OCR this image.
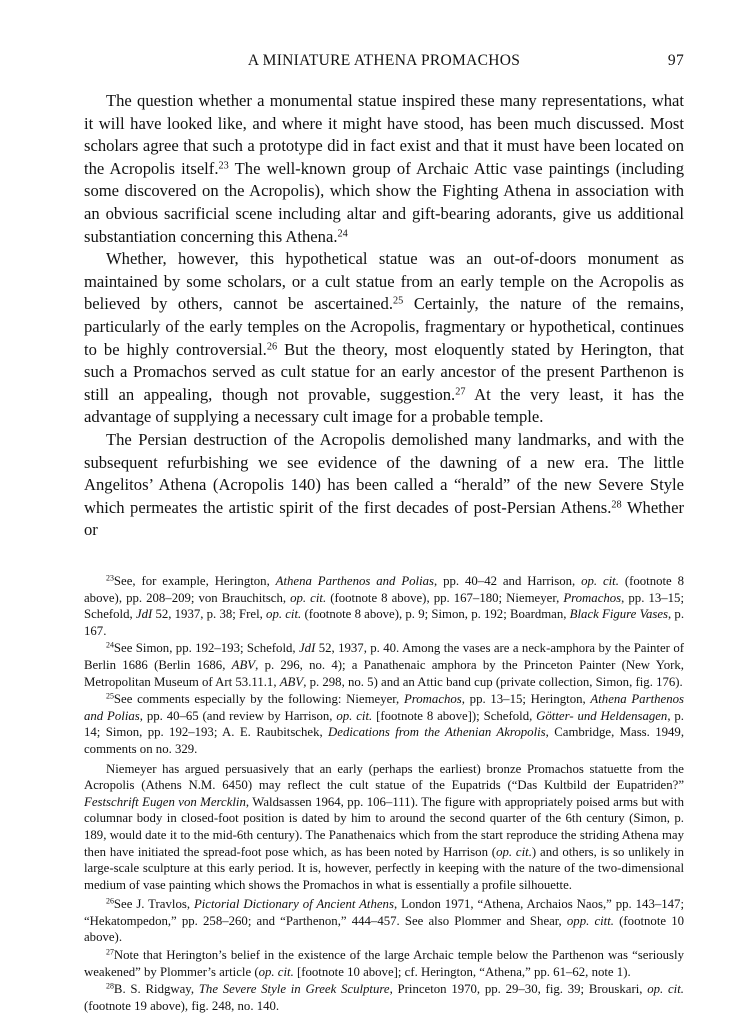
A MINIATURE ATHENA PROMACHOS	97

The question whether a monumental statue inspired these many representations, what it will have looked like, and where it might have stood, has been much discussed. Most scholars agree that such a prototype did in fact exist and that it must have been located on the Acropolis itself.$^{23}$ The well-known group of Archaic Attic vase paintings (including some discovered on the Acropolis), which show the Fighting Athena in association with an obvious sacrificial scene including altar and gift-bearing adorants, give us additional substantiation concerning this Athena.$^{24}$

Whether, however, this hypothetical statue was an out-of-doors monument as maintained by some scholars, or a cult statue from an early temple on the Acropolis as believed by others, cannot be ascertained.$^{25}$ Certainly, the nature of the remains, particularly of the early temples on the Acropolis, fragmentary or hypothetical, continues to be highly controversial.$^{26}$ But the theory, most eloquently stated by Herington, that such a Promachos served as cult statue for an early ancestor of the present Parthenon is still an appealing, though not provable, suggestion.$^{27}$ At the very least, it has the advantage of supplying a necessary cult image for a probable temple.

The Persian destruction of the Acropolis demolished many landmarks, and with the subsequent refurbishing we see evidence of the dawning of a new era. The little Angelitos’ Athena (Acropolis 140) has been called a “herald” of the new Severe Style which permeates the artistic spirit of the first decades of post-Persian Athens.$^{28}$ Whether or

$^{23}$See, for example, Herington, Athena Parthenos and Polias, pp. 40–42 and Harrison, op. cit. (footnote 8 above), pp. 208–209; von Brauchitsch, op. cit. (footnote 8 above), pp. 167–180; Niemeyer, Promachos, pp. 13–15; Schefold, JdI 52, 1937, p. 38; Frel, op. cit. (footnote 8 above), p. 9; Simon, p. 192; Boardman, Black Figure Vases, p. 167.

$^{24}$See Simon, pp. 192–193; Schefold, JdI 52, 1937, p. 40. Among the vases are a neck-amphora by the Painter of Berlin 1686 (Berlin 1686, ABV, p. 296, no. 4); a Panathenaic amphora by the Princeton Painter (New York, Metropolitan Museum of Art 53.11.1, ABV, p. 298, no. 5) and an Attic band cup (private collection, Simon, fig. 176).

$^{25}$See comments especially by the following: Niemeyer, Promachos, pp. 13–15; Herington, Athena Parthenos and Polias, pp. 40–65 (and review by Harrison, op. cit. [footnote 8 above]); Schefold, Götter- und Heldensagen, p. 14; Simon, pp. 192–193; A. E. Raubitschek, Dedications from the Athenian Akropolis, Cambridge, Mass. 1949, comments on no. 329.

Niemeyer has argued persuasively that an early (perhaps the earliest) bronze Promachos statuette from the Acropolis (Athens N.M. 6450) may reflect the cult statue of the Eupatrids (“Das Kultbild der Eupatriden?” Festschrift Eugen von Mercklin, Waldsassen 1964, pp. 106–111). The figure with appropriately poised arms but with columnar body in closed-foot position is dated by him to around the second quarter of the 6th century (Simon, p. 189, would date it to the mid-6th century). The Panathenaics which from the start reproduce the striding Athena may then have initiated the spread-foot pose which, as has been noted by Harrison (op. cit.) and others, is so unlikely in large-scale sculpture at this early period. It is, however, perfectly in keeping with the nature of the two-dimensional medium of vase painting which shows the Promachos in what is essentially a profile silhouette.

$^{26}$See J. Travlos, Pictorial Dictionary of Ancient Athens, London 1971, “Athena, Archaios Naos,” pp. 143–147; “Hekatompedon,” pp. 258–260; and “Parthenon,” 444–457. See also Plommer and Shear, opp. citt. (footnote 10 above).

$^{27}$Note that Herington’s belief in the existence of the large Archaic temple below the Parthenon was “seriously weakened” by Plommer’s article (op. cit. [footnote 10 above]; cf. Herington, “Athena,” pp. 61–62, note 1).

$^{28}$B. S. Ridgway, The Severe Style in Greek Sculpture, Princeton 1970, pp. 29–30, fig. 39; Brouskari, op. cit. (footnote 19 above), fig. 248, no. 140.
